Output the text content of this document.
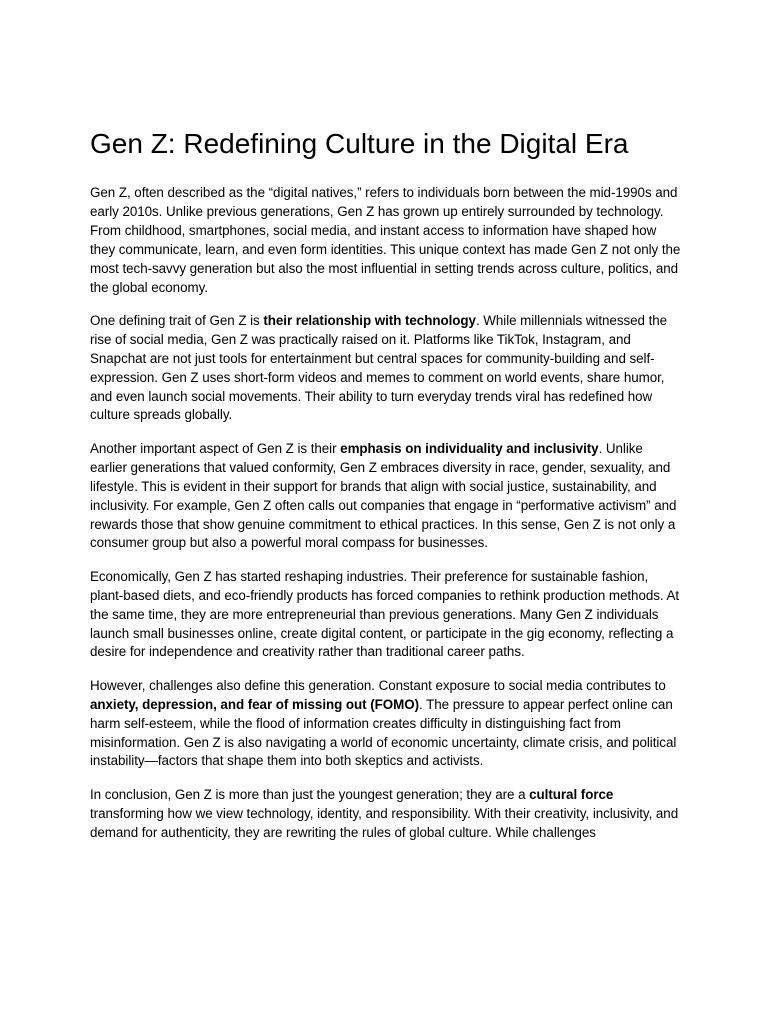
Gen Z: Redefining Culture in the Digital Era

Gen Z, often described as the “digital natives,” refers to individuals born between the mid-1990s and early 2010s. Unlike previous generations, Gen Z has grown up entirely surrounded by technology. From childhood, smartphones, social media, and instant access to information have shaped how they communicate, learn, and even form identities. This unique context has made Gen Z not only the most tech-savvy generation but also the most influential in setting trends across culture, politics, and the global economy.

One defining trait of Gen Z is their relationship with technology. While millennials witnessed the rise of social media, Gen Z was practically raised on it. Platforms like TikTok, Instagram, and Snapchat are not just tools for entertainment but central spaces for community-building and self-expression. Gen Z uses short-form videos and memes to comment on world events, share humor, and even launch social movements. Their ability to turn everyday trends viral has redefined how culture spreads globally.

Another important aspect of Gen Z is their emphasis on individuality and inclusivity. Unlike earlier generations that valued conformity, Gen Z embraces diversity in race, gender, sexuality, and lifestyle. This is evident in their support for brands that align with social justice, sustainability, and inclusivity. For example, Gen Z often calls out companies that engage in “performative activism” and rewards those that show genuine commitment to ethical practices. In this sense, Gen Z is not only a consumer group but also a powerful moral compass for businesses.

Economically, Gen Z has started reshaping industries. Their preference for sustainable fashion, plant-based diets, and eco-friendly products has forced companies to rethink production methods. At the same time, they are more entrepreneurial than previous generations. Many Gen Z individuals launch small businesses online, create digital content, or participate in the gig economy, reflecting a desire for independence and creativity rather than traditional career paths.

However, challenges also define this generation. Constant exposure to social media contributes to anxiety, depression, and fear of missing out (FOMO). The pressure to appear perfect online can harm self-esteem, while the flood of information creates difficulty in distinguishing fact from misinformation. Gen Z is also navigating a world of economic uncertainty, climate crisis, and political instability—factors that shape them into both skeptics and activists.

In conclusion, Gen Z is more than just the youngest generation; they are a cultural force transforming how we view technology, identity, and responsibility. With their creativity, inclusivity, and demand for authenticity, they are rewriting the rules of global culture. While challenges
